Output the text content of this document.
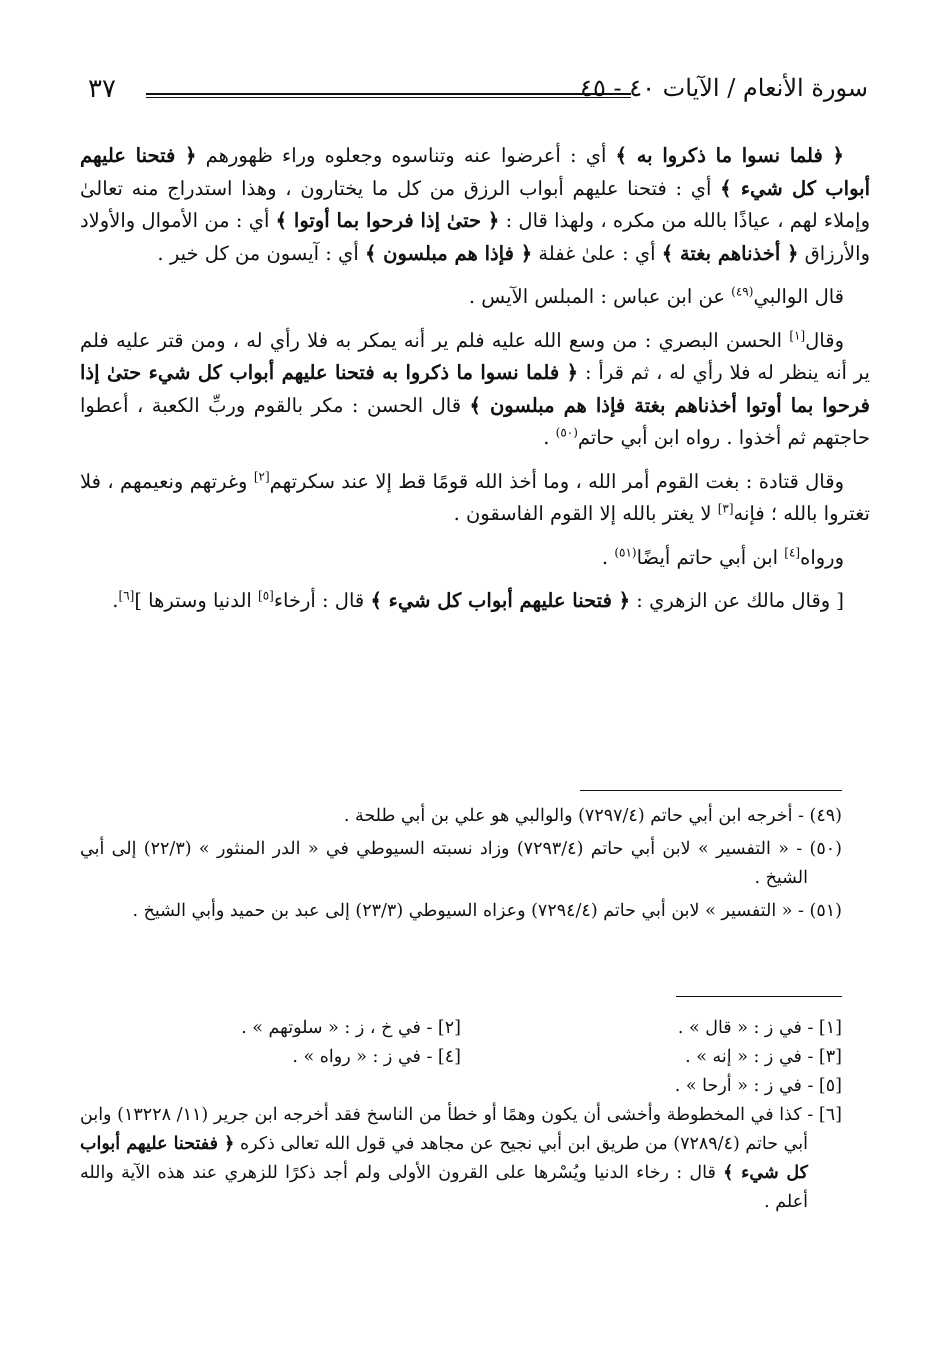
٣٧	سورة الأنعام / الآيات ٤٠ - ٤٥

﴿ فلما نسوا ما ذكروا به ﴾ أي : أعرضوا عنه وتناسوه وجعلوه وراء ظهورهم ﴿ فتحنا عليهم أبواب كل شيء ﴾ أي : فتحنا عليهم أبواب الرزق من كل ما يختارون ، وهذا استدراج منه تعالىٰ وإملاء لهم ، عياذًا بالله من مكره ، ولهذا قال : ﴿ حتىٰ إذا فرحوا بما أوتوا ﴾ أي : من الأموال والأولاد والأرزاق ﴿ أخذناهم بغتة ﴾ أي : علىٰ غفلة ﴿ فإذا هم مبلسون ﴾ أي : آيسون من كل خير .

قال الوالبي$^{(٤٩)}$ عن ابن عباس : المبلس الآيس .

وقال[١] الحسن البصري : من وسع الله عليه فلم ير أنه يمكر به فلا رأي له ، ومن قتر عليه فلم ير أنه ينظر له فلا رأي له ، ثم قرأ : ﴿ فلما نسوا ما ذكروا به فتحنا عليهم أبواب كل شيء حتىٰ إذا فرحوا بما أوتوا أخذناهم بغتة فإذا هم مبلسون ﴾ قال الحسن : مكر بالقوم وربِّ الكعبة ، أعطوا حاجتهم ثم أخذوا . رواه ابن أبي حاتم$^{(٥٠)}$ .

وقال قتادة : بغت القوم أمر الله ، وما أخذ الله قومًا قط إلا عند سكرتهم[٢] وغرتهم ونعيمهم ، فلا تغتروا بالله ؛ فإنه[٣] لا يغتر بالله إلا القوم الفاسقون .

ورواه[٤] ابن أبي حاتم أيضًا$^{(٥١)}$ .

[ وقال مالك عن الزهري : ﴿ فتحنا عليهم أبواب كل شيء ﴾ قال : أرخاء[٥] الدنيا وسترها ][٦].

(٤٩) - أخرجه ابن أبي حاتم (٧٢٩٧/٤) والوالبي هو علي بن أبي طلحة .
(٥٠) - « التفسير » لابن أبي حاتم (٧٢٩٣/٤) وزاد نسبته السيوطي في « الدر المنثور » (٢٢/٣) إلى أبي الشيخ .
(٥١) - « التفسير » لابن أبي حاتم (٧٢٩٤/٤) وعزاه السيوطي (٢٣/٣) إلى عبد بن حميد وأبي الشيخ .
[١] - في ز : « قال » .
[٢] - في خ ، ز : « سلوتهم » .
[٣] - في ز : « إنه » .
[٤] - في ز : « رواه » .
[٥] - في ز : « أرحا » .
[٦] - كذا في المخطوطة وأخشى أن يكون وهمًا أو خطأ من الناسخ فقد أخرجه ابن جرير (١١/ ١٣٢٢٨) وابن أبي حاتم (٧٢٨٩/٤) من طريق ابن أبي نجيح عن مجاهد في قول الله تعالى ذكره ﴿ ففتحنا عليهم أبواب كل شيء ﴾ قال : رخاء الدنيا ويُسْرها على القرون الأولى ولم أجد ذكرًا للزهري عند هذه الآية والله أعلم .
